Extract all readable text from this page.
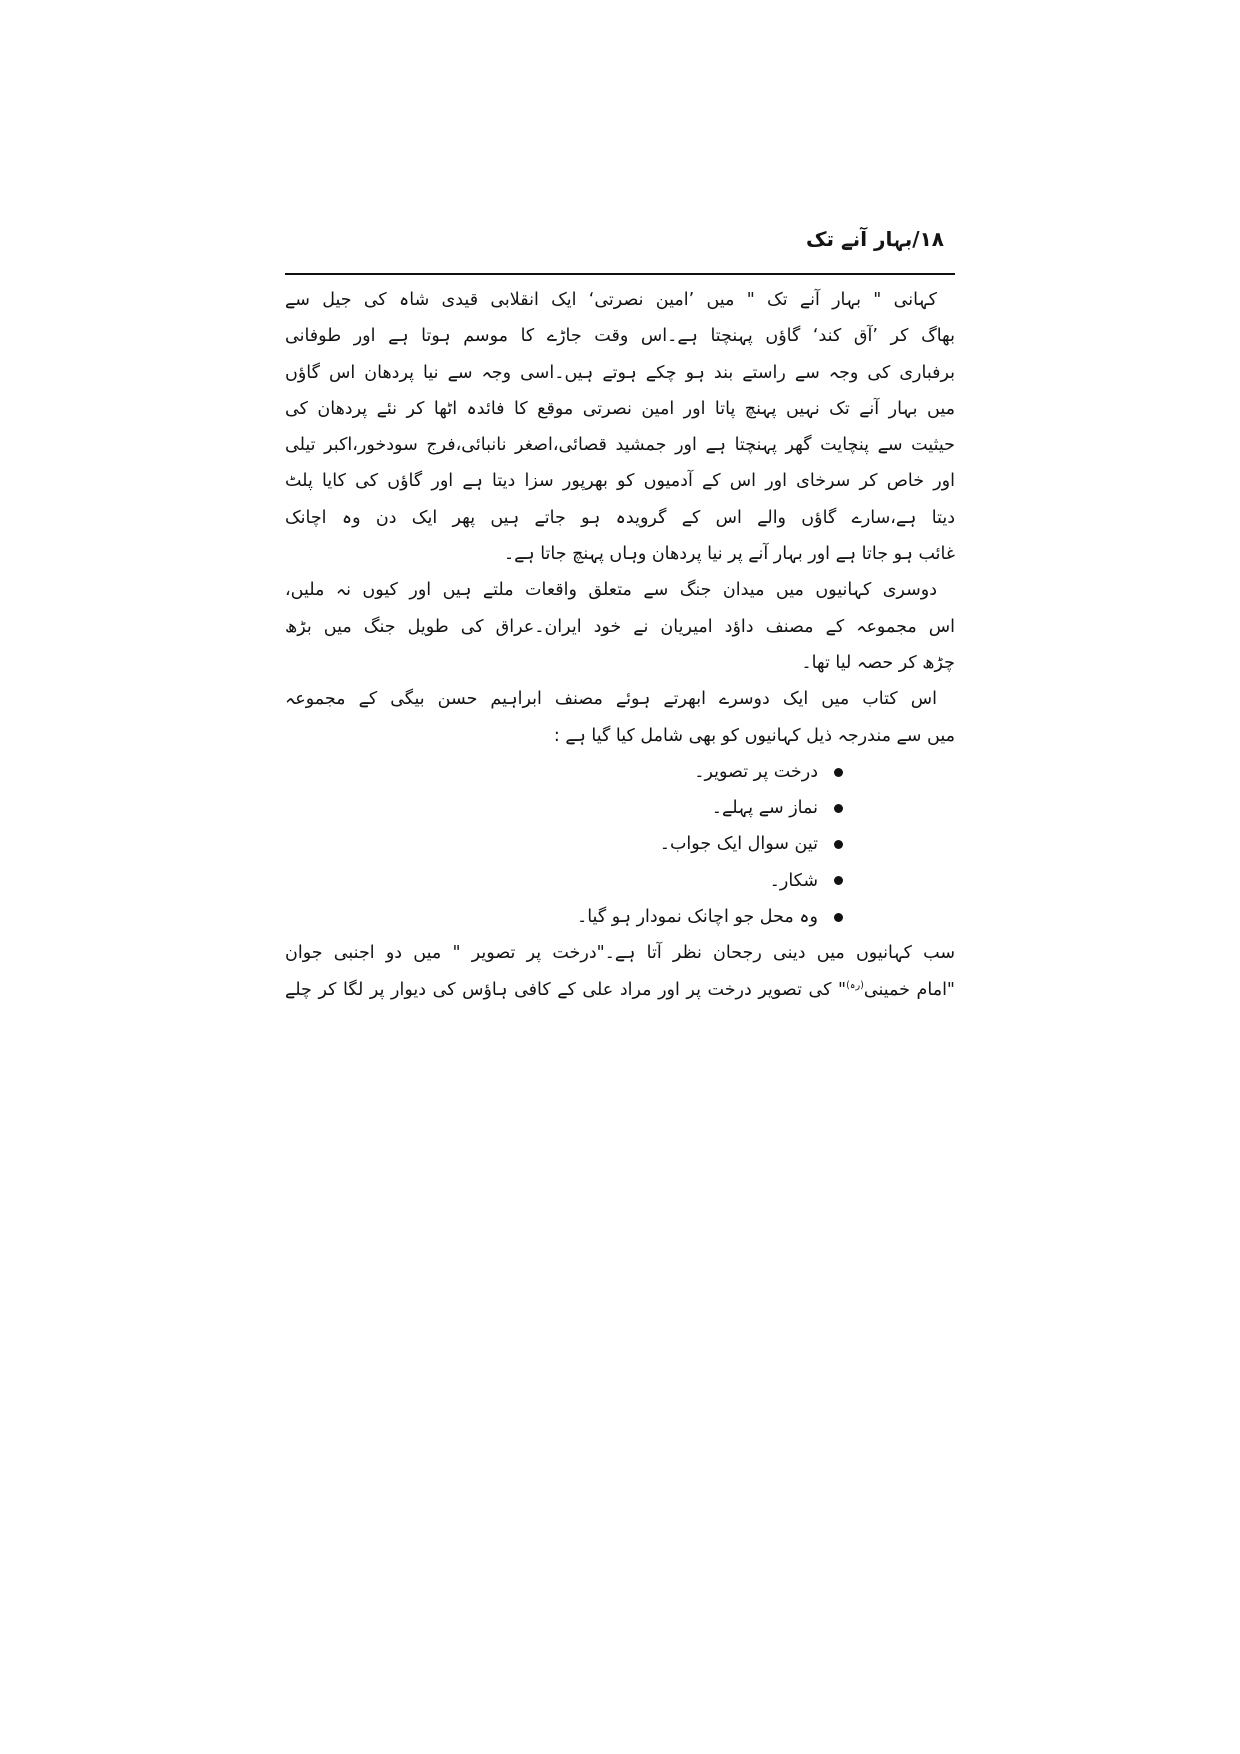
۱۸/بہار آنے تک
کہانی " بہار آنے تک " میں ’امین نصرتی‘ ایک انقلابی قیدی شاہ کی جیل سے
بھاگ کر ’آق کند‘ گاؤں پہنچتا ہے۔اس وقت جاڑے کا موسم ہوتا ہے اور طوفانی
برفباری کی وجہ سے راستے بند ہو چکے ہوتے ہیں۔اسی وجہ سے نیا پردھان اس گاؤں
میں بہار آنے تک نہیں پہنچ پاتا اور امین نصرتی موقع کا فائدہ اٹھا کر نئے پردھان کی
حیثیت سے پنچایت گھر پہنچتا ہے اور جمشید قصائی،اصغر نانبائی،فرج سودخور،اکبر تیلی
اور خاص کر سرخای اور اس کے آدمیوں کو بھرپور سزا دیتا ہے اور گاؤں کی کایا پلٹ
دیتا ہے،سارے گاؤں والے اس کے گرویدہ ہو جاتے ہیں پھر ایک دن وہ اچانک
غائب ہو جاتا ہے اور بہار آنے پر نیا پردھان وہاں پہنچ جاتا ہے۔
دوسری کہانیوں میں میدان جنگ سے متعلق واقعات ملتے ہیں اور کیوں نہ ملیں،
اس مجموعہ کے مصنف داؤد امیریان نے خود ایران۔عراق کی طویل جنگ میں بڑھ
چڑھ کر حصہ لیا تھا۔
اس کتاب میں ایک دوسرے ابھرتے ہوئے مصنف ابراہیم حسن بیگی کے مجموعہ
میں سے مندرجہ ذیل کہانیوں کو بھی شامل کیا گیا ہے :
درخت پر تصویر۔
نماز سے پہلے۔
تین سوال ایک جواب۔
شکار۔
وہ محل جو اچانک نمودار ہو گیا۔
سب کہانیوں میں دینی رجحان نظر آتا ہے۔"درخت پر تصویر " میں دو اجنبی جوان
"امام خمینی$^{(رہ)}$" کی تصویر درخت پر اور مراد علی کے کافی ہاؤس کی دیوار پر لگا کر چلے
